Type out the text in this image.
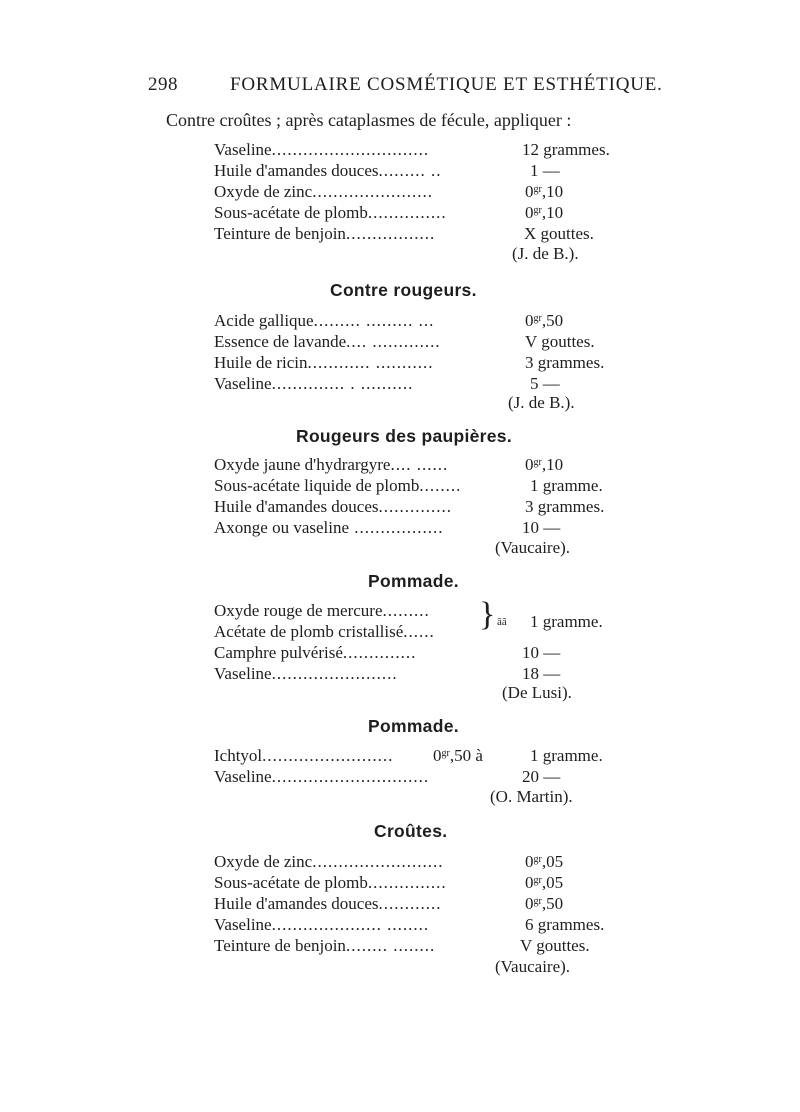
298	FORMULAIRE COSMÉTIQUE ET ESTHÉTIQUE.
Contre croûtes ; après cataplasmes de fécule, appliquer :
Vaseline..............................	12 grammes.
Huile d'amandes douces......... ..	1 —
Oxyde de zinc.......................	$0^{gr},10$
Sous-acétate de plomb...............	$0^{gr},10$
Teinture de benjoin.................	X gouttes.
(J. de B.).
Contre rougeurs.
Acide gallique......... ......... ...	$0^{gr},50$
Essence de lavande.... .............	V gouttes.
Huile de ricin............ ...........	3 grammes.
Vaseline.............. . ..........	5 —
(J. de B.).
Rougeurs des paupières.
Oxyde jaune d'hydrargyre.... ......	$0^{gr},10$
Sous-acétate liquide de plomb........	1 gramme.
Huile d'amandes douces..............	3 grammes.
Axonge ou vaseline .................	10 —
(Vaucaire).
Pommade.
Oxyde rouge de mercure.........
Acétate de plomb cristallisé...... } ãã 1 gramme.
Camphre pulvérisé..............	10 —
Vaseline........................	18 —
(De Lusi).
Pommade.
Ichtyol......................... $0^{gr},50$ à	1 gramme.
Vaseline..............................	20 —
(O. Martin).
Croûtes.
Oxyde de zinc.........................	$0^{gr},05$
Sous-acétate de plomb...............	$0^{gr},05$
Huile d'amandes douces............	$0^{gr},50$
Vaseline..................... ........	6 grammes.
Teinture de benjoin........ ........	V gouttes.
(Vaucaire).
